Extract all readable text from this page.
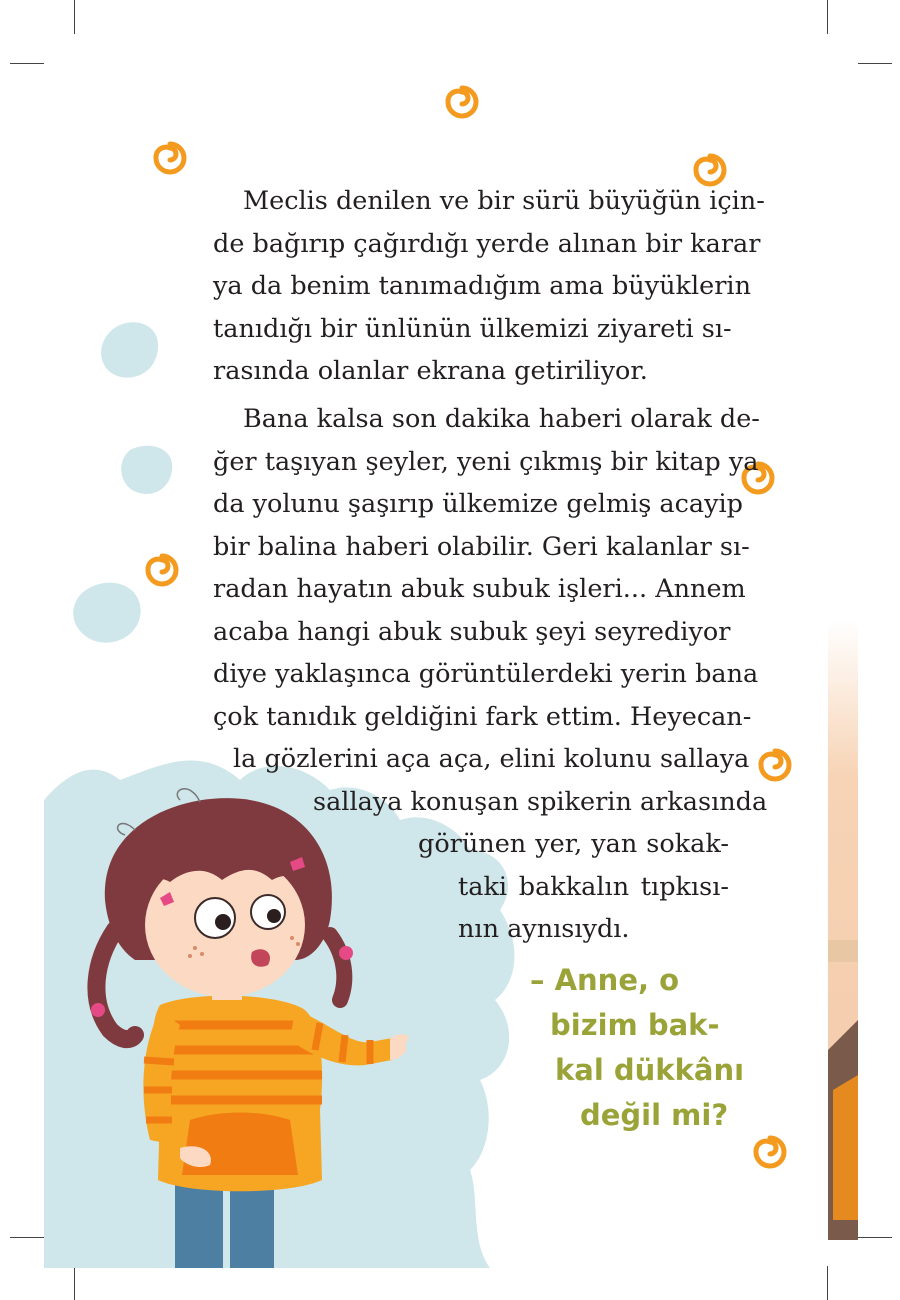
Meclis denilen ve bir sürü büyüğün için-
de bağırıp çağırdığı yerde alınan bir karar
ya da benim tanımadığım ama büyüklerin
tanıdığı bir ünlünün ülkemizi ziyareti sı-
rasında olanlar ekrana getiriliyor.

Bana kalsa son dakika haberi olarak de-
ğer taşıyan şeyler, yeni çıkmış bir kitap ya
da yolunu şaşırıp ülkemize gelmiş acayip
bir balina haberi olabilir. Geri kalanlar sı-
radan hayatın abuk subuk işleri... Annem
acaba hangi abuk subuk şeyi seyrediyor
diye yaklaşınca görüntülerdeki yerin bana
çok tanıdık geldiğini fark ettim. Heyecan-
la gözlerini açа aça, elini kolunu sallaya
sallaya konuşan spikerin arkasında
görünen yer, yan sokak-
taki bakkalın tıpkısı-
nın aynısıydı.
– Anne, o
bizim bak-
kal dükkânı
değil mi?
